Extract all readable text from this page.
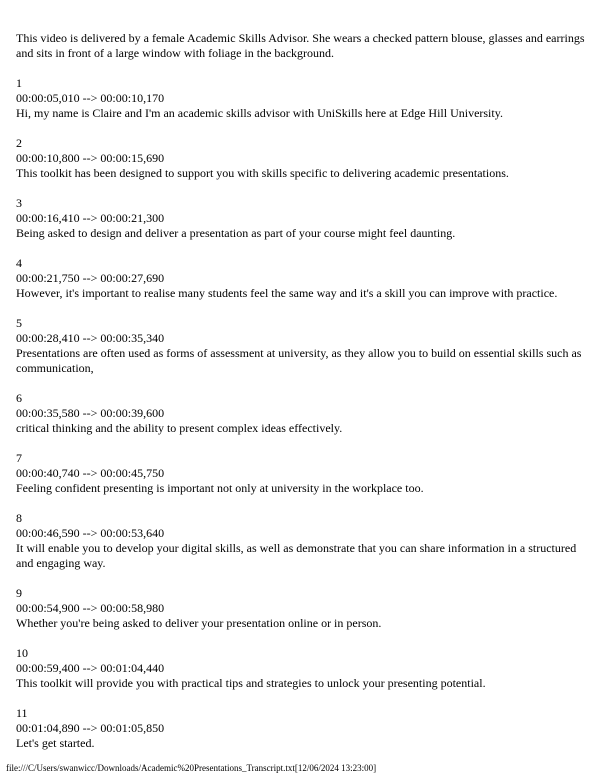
This video is delivered by a female Academic Skills Advisor. She wears a checked pattern blouse, glasses and earrings and sits in front of a large window with foliage in the background.

1
00:00:05,010 --> 00:00:10,170
Hi, my name is Claire and I'm an academic skills advisor with UniSkills here at Edge Hill University.
2
00:00:10,800 --> 00:00:15,690
This toolkit has been designed to support you with skills specific to delivering academic presentations.
3
00:00:16,410 --> 00:00:21,300
Being asked to design and deliver a presentation as part of your course might feel daunting.
4
00:00:21,750 --> 00:00:27,690
However, it's important to realise many students feel the same way and it's a skill you can improve with practice.
5
00:00:28,410 --> 00:00:35,340
Presentations are often used as forms of assessment at university, as they allow you to build on essential skills such as communication,
6
00:00:35,580 --> 00:00:39,600
critical thinking and the ability to present complex ideas effectively.
7
00:00:40,740 --> 00:00:45,750
Feeling confident presenting is important not only at university in the workplace too.
8
00:00:46,590 --> 00:00:53,640
It will enable you to develop your digital skills, as well as demonstrate that you can share information in a structured and engaging way.
9
00:00:54,900 --> 00:00:58,980
Whether you're being asked to deliver your presentation online or in person.
10
00:00:59,400 --> 00:01:04,440
This toolkit will provide you with practical tips and strategies to unlock your presenting potential.
11
00:01:04,890 --> 00:01:05,850
Let's get started.
file:///C/Users/swanwicc/Downloads/Academic%20Presentations_Transcript.txt[12/06/2024 13:23:00]
